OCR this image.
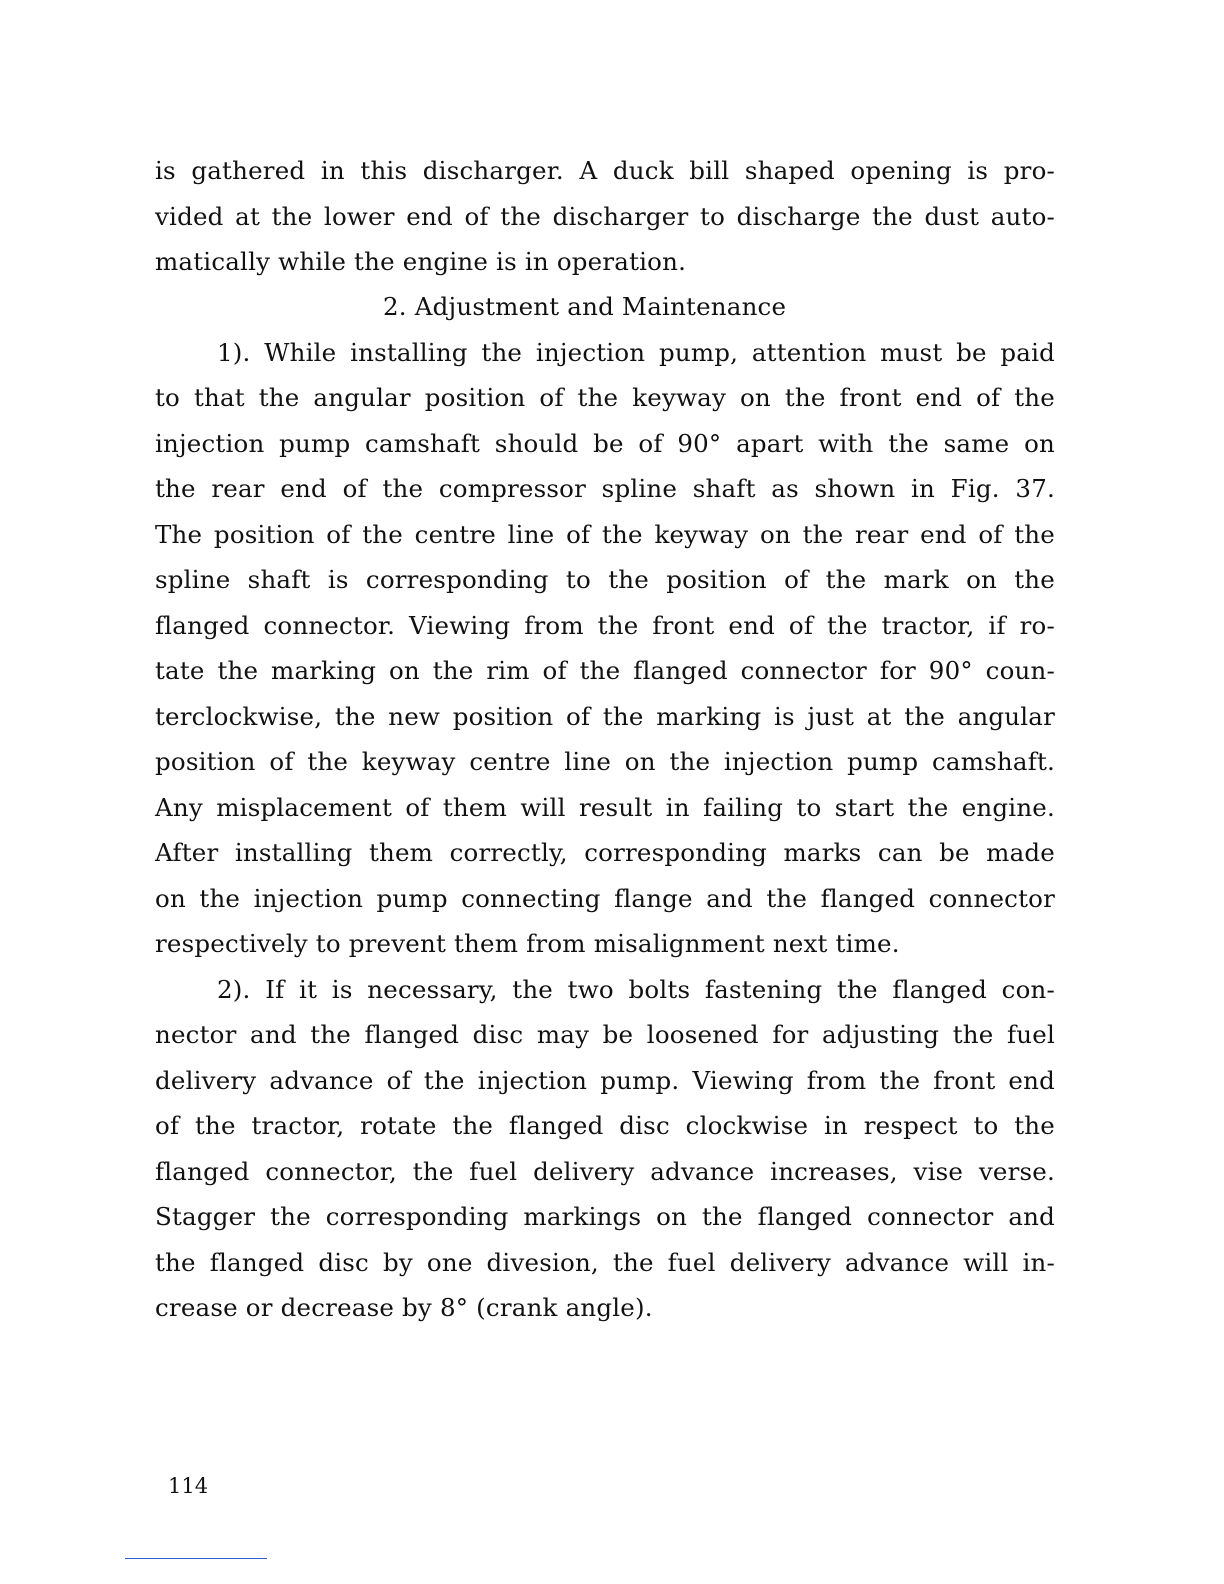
is gathered in this discharger. A duck bill shaped opening is pro-
vided at the lower end of the discharger to discharge the dust auto-
matically while the engine is in operation.
2. Adjustment and Maintenance
1). While installing the injection pump, attention must be paid
to that the angular position of the keyway on the front end of the
injection pump camshaft should be of 90° apart with the same on
the rear end of the compressor spline shaft as shown in Fig. 37.
The position of the centre line of the keyway on the rear end of the
spline shaft is corresponding to the position of the mark on the
flanged connector. Viewing from the front end of the tractor, if ro-
tate the marking on the rim of the flanged connector for 90° coun-
terclockwise, the new position of the marking is just at the angular
position of the keyway centre line on the injection pump camshaft.
Any misplacement of them will result in failing to start the engine.
After installing them correctly, corresponding marks can be made
on the injection pump connecting flange and the flanged connector
respectively to prevent them from misalignment next time.
2). If it is necessary, the two bolts fastening the flanged con-
nector and the flanged disc may be loosened for adjusting the fuel
delivery advance of the injection pump. Viewing from the front end
of the tractor, rotate the flanged disc clockwise in respect to the
flanged connector, the fuel delivery advance increases, vise verse.
Stagger the corresponding markings on the flanged connector and
the flanged disc by one divesion, the fuel delivery advance will in-
crease or decrease by 8° (crank angle).
114
